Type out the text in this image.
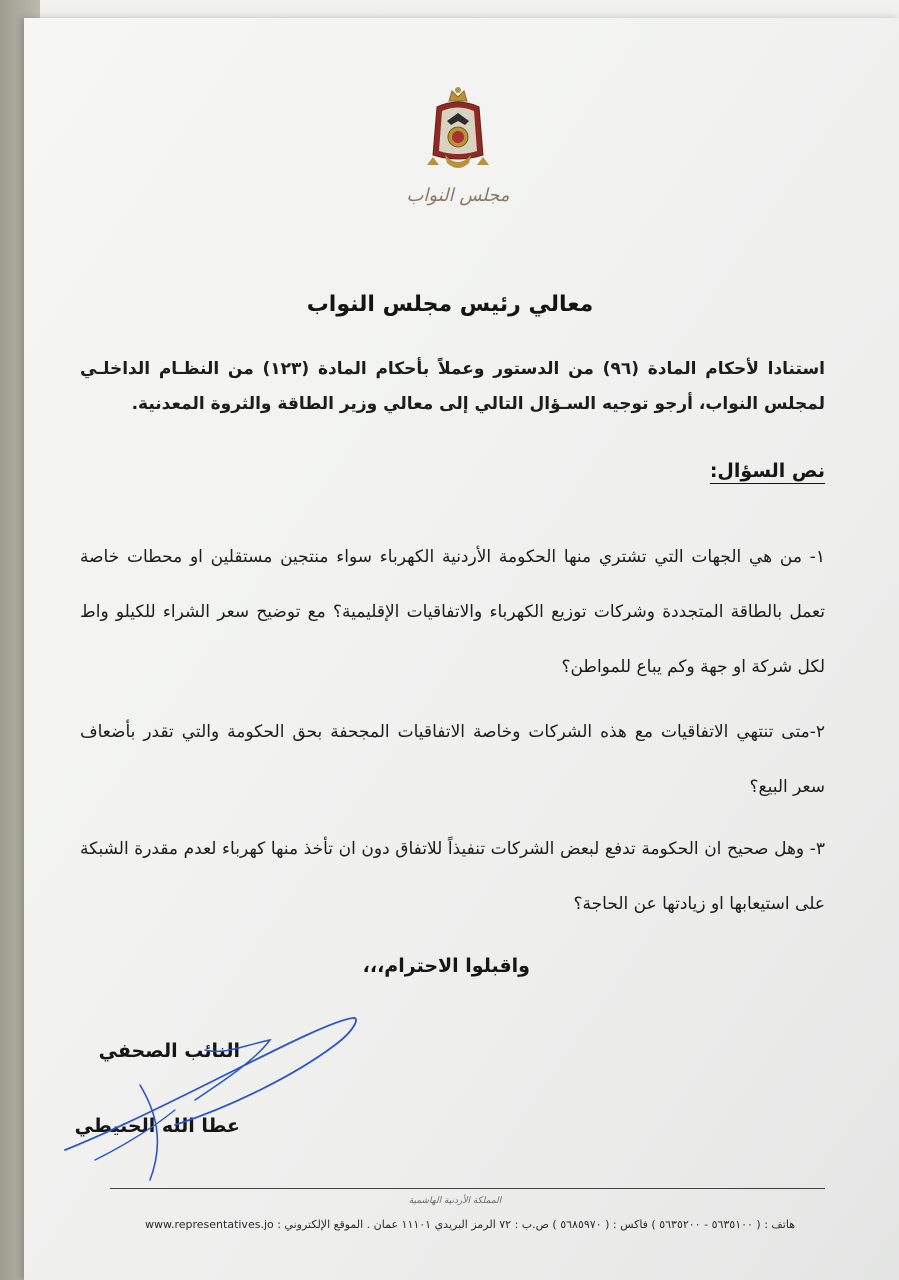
مجلس النواب
معالي رئيس مجلس النواب
استنادا لأحكام المادة (٩٦) من الدستور وعملاً بأحكام المادة (١٢٣) من النظـام الداخلـي لمجلس النواب، أرجو توجيه السـؤال التالي إلى معالي وزير الطاقة والثروة المعدنية.
نص السؤال:
١- من هي الجهات التي تشتري منها الحكومة الأردنية الكهرباء سواء منتجين مستقلين او محطات خاصة تعمل بالطاقة المتجددة وشركات توزيع الكهرباء والاتفاقيات الإقليمية؟ مع توضيح سعر الشراء للكيلو واط لكل شركة او جهة وكم يباع للمواطن؟
٢-متى تنتهي الاتفاقيات مع هذه الشركات وخاصة الاتفاقيات المجحفة بحق الحكومة والتي تقدر بأضعاف سعر البيع؟
٣- وهل صحيح ان الحكومة تدفع لبعض الشركات تنفيذاً للاتفاق دون ان تأخذ منها كهرباء لعدم مقدرة الشبكة على استيعابها او زيادتها عن الحاجة؟
واقبلوا الاحترام،،،
النائب الصحفي
عطا الله الحنيطي
المملكة الأردنية الهاشمية
هاتف : ( ٥٦٣٥١٠٠ - ٥٦٣٥٢٠٠ ) فاكس : ( ٥٦٨٥٩٧٠ ) ص.ب : ٧٢ الرمز البريدي ١١١٠١ عمان . الموقع الإلكتروني : www.representatives.jo
